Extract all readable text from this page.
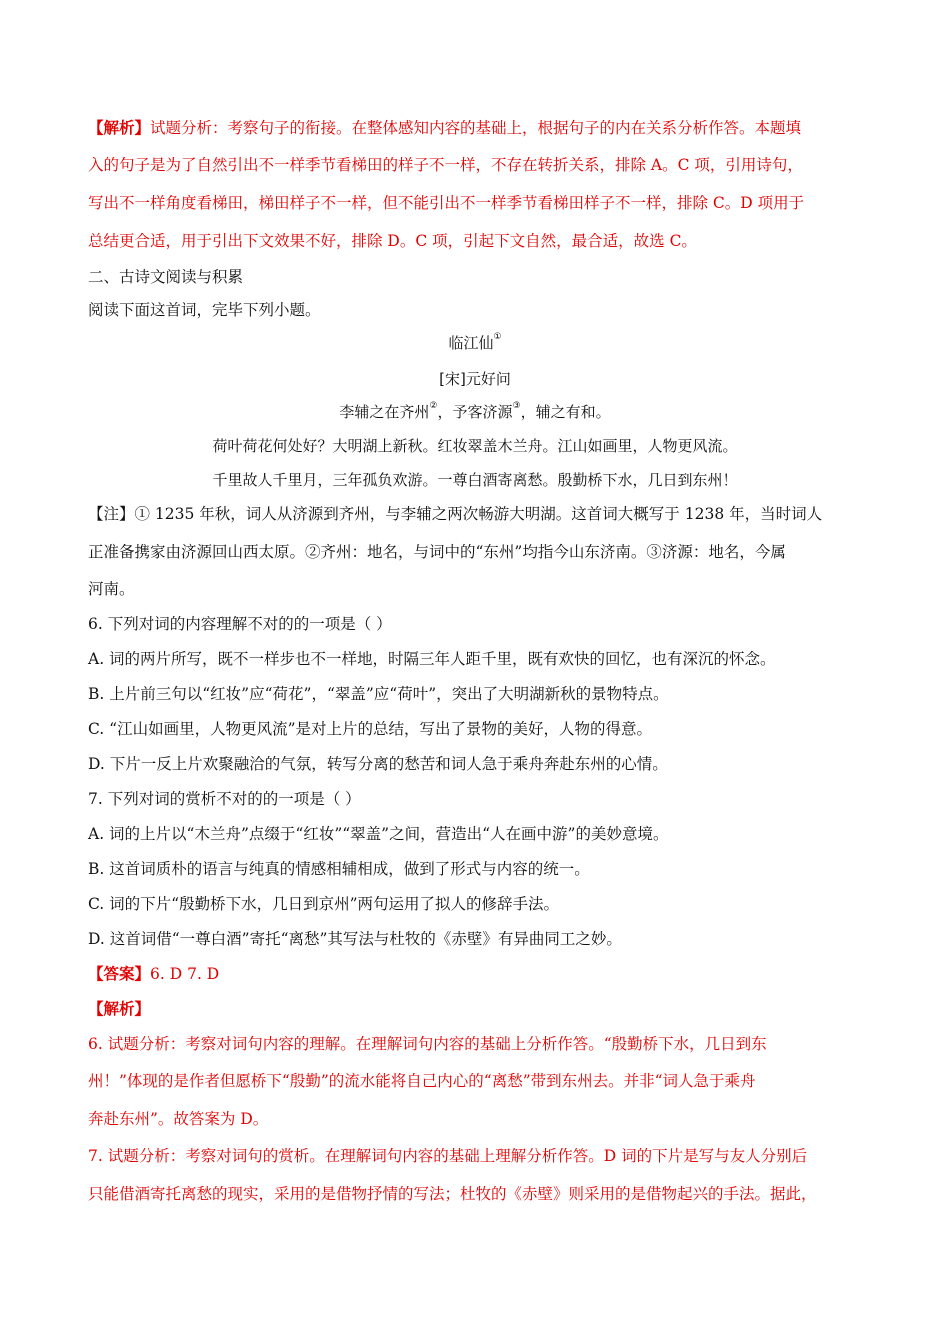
【解析】试题分析：考察句子的衔接。在整体感知内容的基础上，根据句子的内在关系分析作答。本题填
入的句子是为了自然引出不一样季节看梯田的样子不一样，不存在转折关系，排除 A。C 项，引用诗句，
写出不一样角度看梯田，梯田样子不一样，但不能引出不一样季节看梯田样子不一样，排除 C。D 项用于
总结更合适，用于引出下文效果不好，排除 D。C 项，引起下文自然，最合适，故选 C。
二、古诗文阅读与积累
阅读下面这首词，完毕下列小题。
临江仙①
[宋]元好问
李辅之在齐州②，予客济源③，辅之有和。
荷叶荷花何处好？大明湖上新秋。红妆翠盖木兰舟。江山如画里，人物更风流。
千里故人千里月，三年孤负欢游。一尊白酒寄离愁。殷勤桥下水，几日到东州！
【注】① 1235 年秋，词人从济源到齐州，与李辅之两次畅游大明湖。这首词大概写于 1238 年，当时词人
正准备携家由济源回山西太原。②齐州：地名，与词中的“东州”均指今山东济南。③济源：地名，今属
河南。
6. 下列对词的内容理解不对的的一项是（ ）
A. 词的两片所写，既不一样步也不一样地，时隔三年人距千里，既有欢快的回忆，也有深沉的怀念。
B. 上片前三句以“红妆”应“荷花”，“翠盖”应“荷叶”，突出了大明湖新秋的景物特点。
C. “江山如画里，人物更风流”是对上片的总结，写出了景物的美好，人物的得意。
D. 下片一反上片欢聚融洽的气氛，转写分离的愁苦和词人急于乘舟奔赴东州的心情。
7. 下列对词的赏析不对的的一项是（ ）
A. 词的上片以“木兰舟”点缀于“红妆”“翠盖”之间，营造出“人在画中游”的美妙意境。
B. 这首词质朴的语言与纯真的情感相辅相成，做到了形式与内容的统一。
C. 词的下片“殷勤桥下水，几日到京州”两句运用了拟人的修辞手法。
D. 这首词借“一尊白酒”寄托“离愁”其写法与杜牧的《赤壁》有异曲同工之妙。
【答案】6. D 7. D
【解析】
6. 试题分析：考察对词句内容的理解。在理解词句内容的基础上分析作答。“殷勤桥下水，几日到东
州！”体现的是作者但愿桥下“殷勤”的流水能将自己内心的“离愁”带到东州去。并非“词人急于乘舟
奔赴东州”。故答案为 D。
7. 试题分析：考察对词句的赏析。在理解词句内容的基础上理解分析作答。D 词的下片是写与友人分别后
只能借酒寄托离愁的现实，采用的是借物抒情的写法；杜牧的《赤壁》则采用的是借物起兴的手法。据此，
